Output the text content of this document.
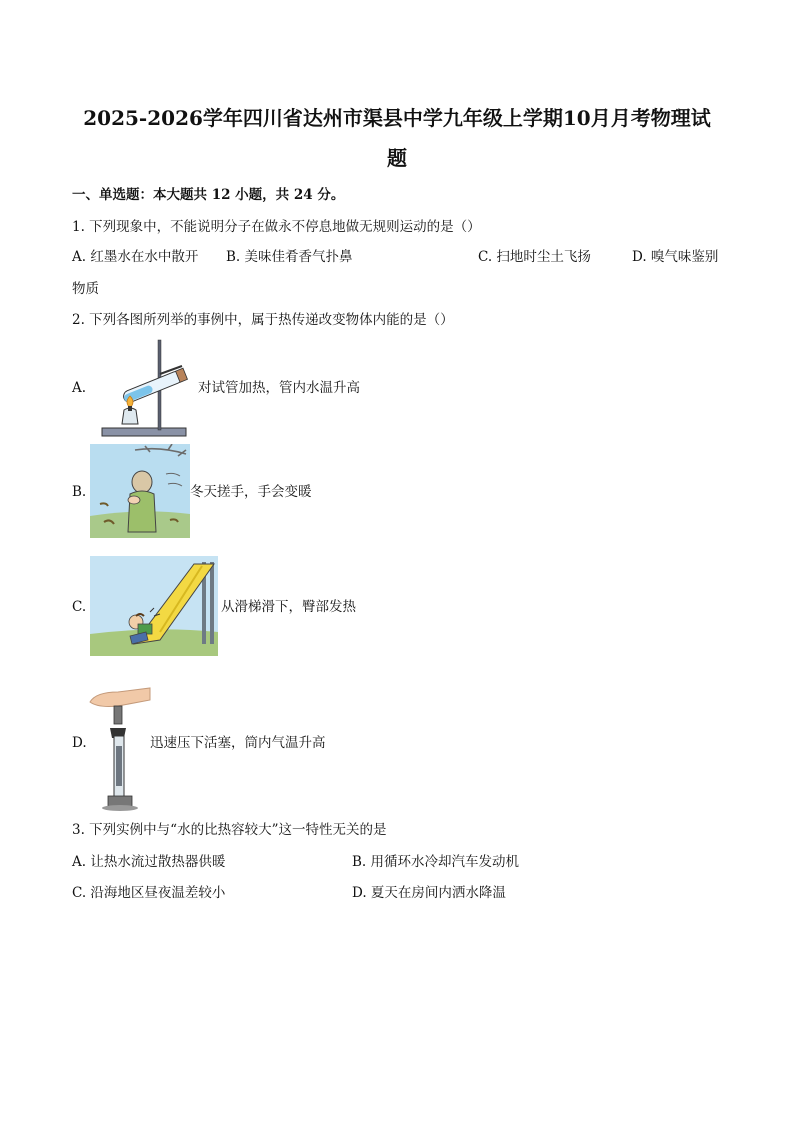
2025-2026学年四川省达州市渠县中学九年级上学期10月月考物理试
题
一、单选题：本大题共 12 小题，共 24 分。
1. 下列现象中，不能说明分子在做永不停息地做无规则运动的是（）
A. 红墨水在水中散开 B. 美味佳肴香气扑鼻	C. 扫地时尘土飞扬	D. 嗅气味鉴别
物质
2. 下列各图所列举的事例中，属于热传递改变物体内能的是（）
A.	对试管加热，管内水温升高
B.	冬天搓手，手会变暖
C.	从滑梯滑下，臀部发热
D.	迅速压下活塞，筒内气温升高
3. 下列实例中与“水的比热容较大”这一特性无关的是
A. 让热水流过散热器供暖	B. 用循环水冷却汽车发动机
C. 沿海地区昼夜温差较小	D. 夏天在房间内洒水降温
